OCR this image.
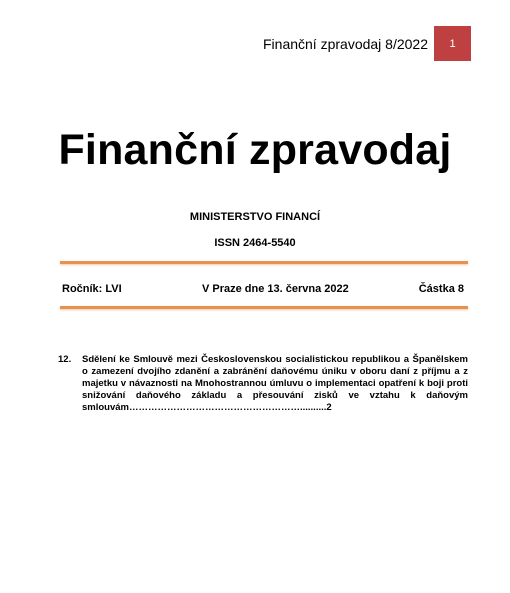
Finanční zpravodaj 8/2022	1
Finanční zpravodaj
MINISTERSTVO FINANCÍ
ISSN 2464-5540
Ročník: LVI	V Praze dne 13. června 2022	Částka 8
12. Sdělení ke Smlouvě mezi Československou socialistickou republikou a Španělskem o zamezení dvojího zdanění a zabránění daňovému úniku v oboru daní z příjmu a z majetku v návaznosti na Mnohostrannou úmluvu o implementaci opatření k boji proti snižování daňového základu a přesouvání zisků ve vztahu k daňovým smlouvám………………………………………………..........2
